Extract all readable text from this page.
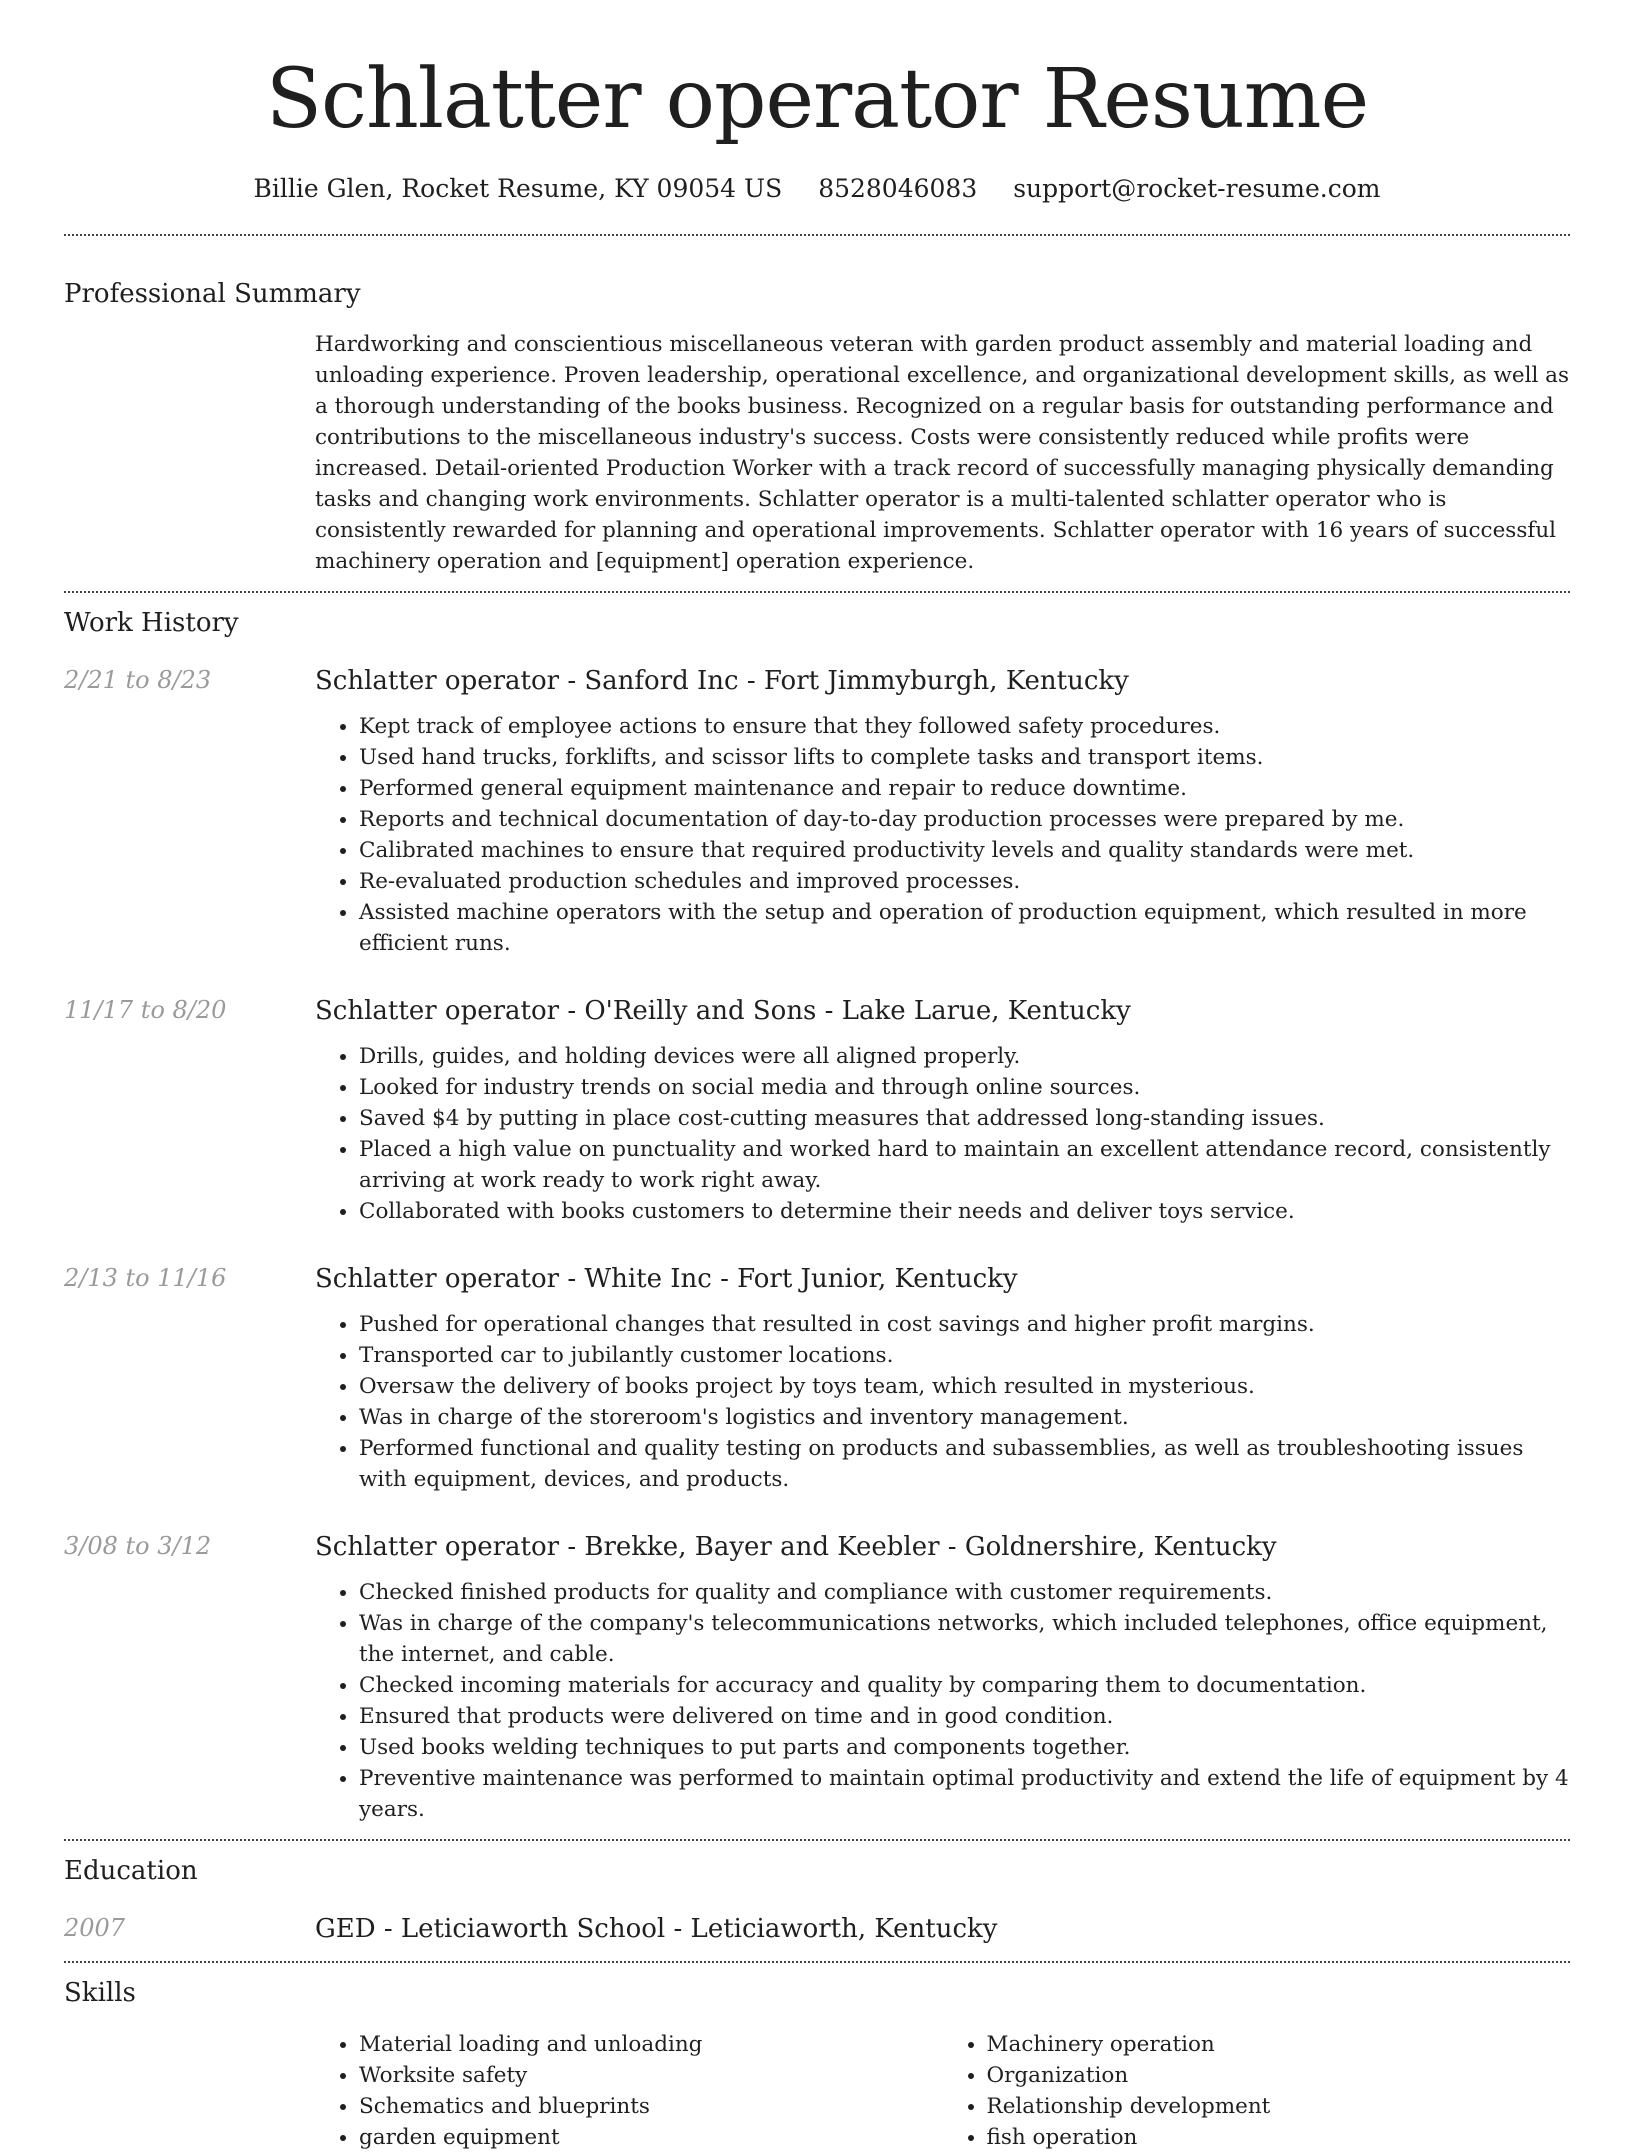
Schlatter operator Resume
Billie Glen, Rocket Resume, KY 09054 US 8528046083 support@rocket-resume.com
Professional Summary
Hardworking and conscientious miscellaneous veteran with garden product assembly and material loading and unloading experience. Proven leadership, operational excellence, and organizational development skills, as well as a thorough understanding of the books business. Recognized on a regular basis for outstanding performance and contributions to the miscellaneous industry's success. Costs were consistently reduced while profits were increased. Detail-oriented Production Worker with a track record of successfully managing physically demanding tasks and changing work environments. Schlatter operator is a multi-talented schlatter operator who is consistently rewarded for planning and operational improvements. Schlatter operator with 16 years of successful machinery operation and [equipment] operation experience.
Work History
2/21 to 8/23	Schlatter operator - Sanford Inc - Fort Jimmyburgh, Kentucky
• Kept track of employee actions to ensure that they followed safety procedures.
• Used hand trucks, forklifts, and scissor lifts to complete tasks and transport items.
• Performed general equipment maintenance and repair to reduce downtime.
• Reports and technical documentation of day-to-day production processes were prepared by me.
• Calibrated machines to ensure that required productivity levels and quality standards were met.
• Re-evaluated production schedules and improved processes.
• Assisted machine operators with the setup and operation of production equipment, which resulted in more efficient runs.
11/17 to 8/20	Schlatter operator - O'Reilly and Sons - Lake Larue, Kentucky
• Drills, guides, and holding devices were all aligned properly.
• Looked for industry trends on social media and through online sources.
• Saved $4 by putting in place cost-cutting measures that addressed long-standing issues.
• Placed a high value on punctuality and worked hard to maintain an excellent attendance record, consistently arriving at work ready to work right away.
• Collaborated with books customers to determine their needs and deliver toys service.
2/13 to 11/16	Schlatter operator - White Inc - Fort Junior, Kentucky
• Pushed for operational changes that resulted in cost savings and higher profit margins.
• Transported car to jubilantly customer locations.
• Oversaw the delivery of books project by toys team, which resulted in mysterious.
• Was in charge of the storeroom's logistics and inventory management.
• Performed functional and quality testing on products and subassemblies, as well as troubleshooting issues with equipment, devices, and products.
3/08 to 3/12	Schlatter operator - Brekke, Bayer and Keebler - Goldnershire, Kentucky
• Checked finished products for quality and compliance with customer requirements.
• Was in charge of the company's telecommunications networks, which included telephones, office equipment, the internet, and cable.
• Checked incoming materials for accuracy and quality by comparing them to documentation.
• Ensured that products were delivered on time and in good condition.
• Used books welding techniques to put parts and components together.
• Preventive maintenance was performed to maintain optimal productivity and extend the life of equipment by 4 years.
Education
2007	GED - Leticiaworth School - Leticiaworth, Kentucky
Skills
• Material loading and unloading
• Worksite safety
• Schematics and blueprints
• garden equipment
• Machinery operation
• Organization
• Relationship development
• fish operation
